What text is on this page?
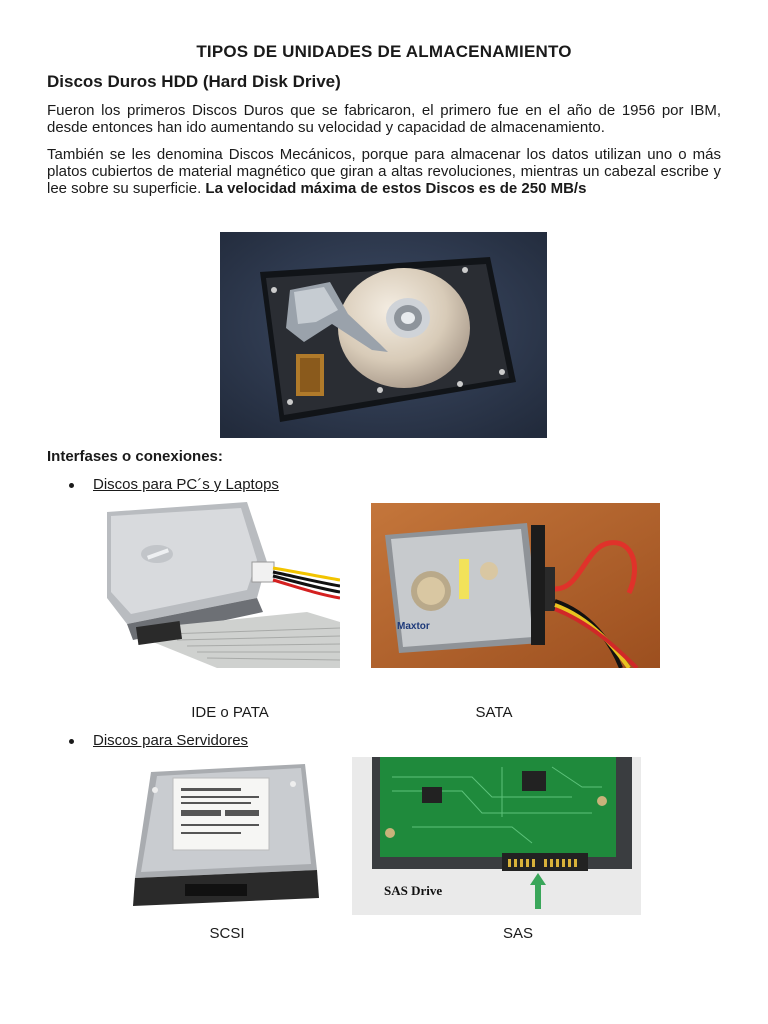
TIPOS DE UNIDADES DE ALMACENAMIENTO
Discos Duros HDD (Hard Disk Drive)
Fueron los primeros Discos Duros que se fabricaron, el primero fue en el año de 1956 por IBM, desde entonces han ido aumentando su velocidad y capacidad de almacenamiento.
También se les denomina Discos Mecánicos, porque para almacenar los datos utilizan uno o más platos cubiertos de material magnético que giran a altas revoluciones, mientras un cabezal escribe y lee sobre su superficie. La velocidad máxima de estos Discos es de 250 MB/s
Interfases o conexiones:
Discos para PC´s y Laptops
Maxtor
IDE o PATA	SATA
Discos para Servidores
SAS Drive
SCSI	SAS
